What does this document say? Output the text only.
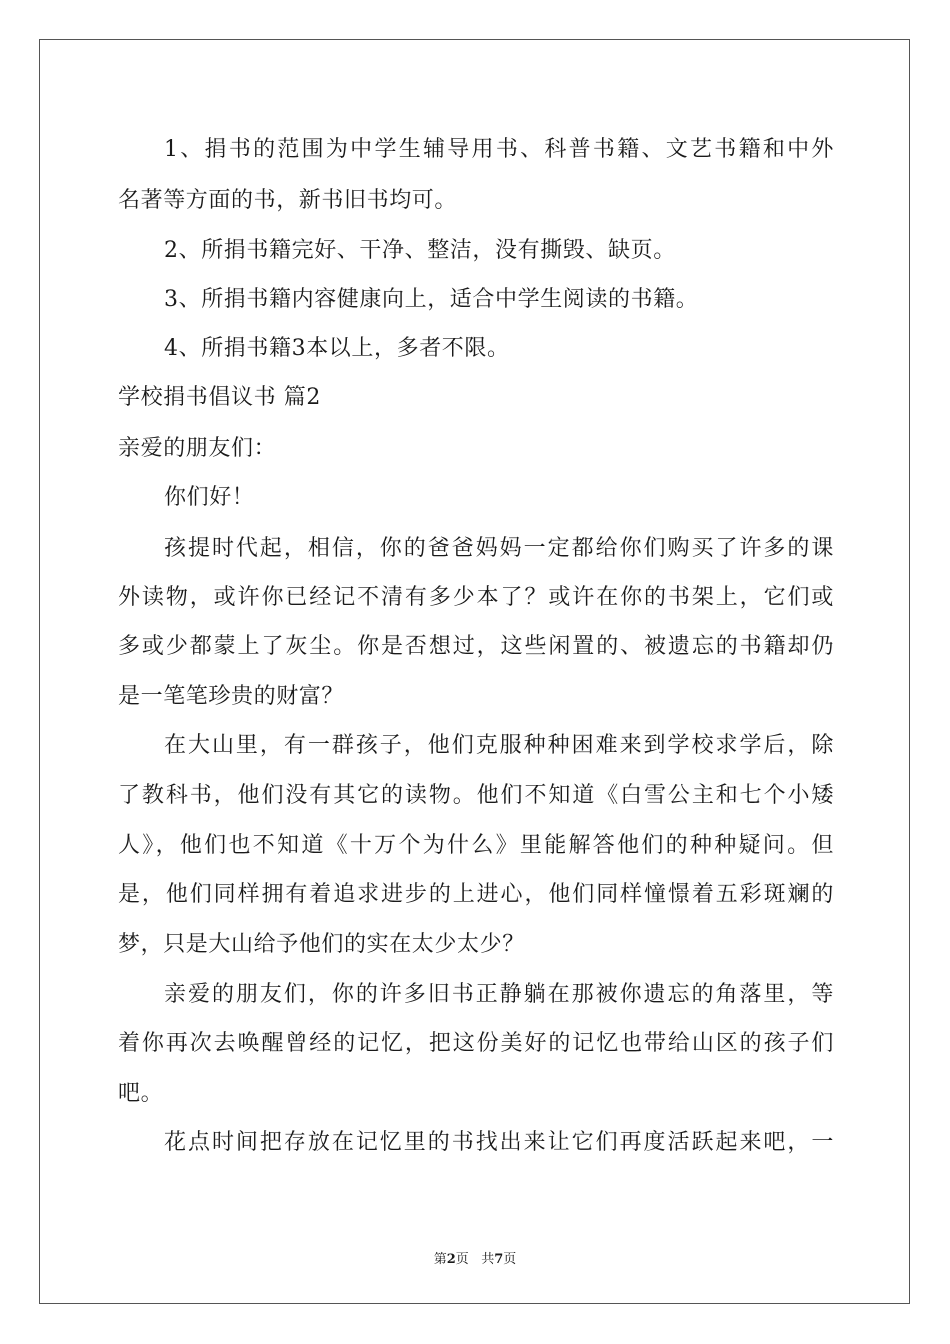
1、捐书的范围为中学生辅导用书、科普书籍、文艺书籍和中外
名著等方面的书，新书旧书均可。
2、所捐书籍完好、干净、整洁，没有撕毁、缺页。
3、所捐书籍内容健康向上，适合中学生阅读的书籍。
4、所捐书籍3本以上，多者不限。
学校捐书倡议书 篇2
亲爱的朋友们：
你们好！
孩提时代起，相信，你的爸爸妈妈一定都给你们购买了许多的课
外读物，或许你已经记不清有多少本了？或许在你的书架上，它们或
多或少都蒙上了灰尘。你是否想过，这些闲置的、被遗忘的书籍却仍
是一笔笔珍贵的财富？
在大山里，有一群孩子，他们克服种种困难来到学校求学后，除
了教科书，他们没有其它的读物。他们不知道《白雪公主和七个小矮
人》，他们也不知道《十万个为什么》里能解答他们的种种疑问。但
是，他们同样拥有着追求进步的上进心，他们同样憧憬着五彩斑斓的
梦，只是大山给予他们的实在太少太少？
亲爱的朋友们，你的许多旧书正静躺在那被你遗忘的角落里，等
着你再次去唤醒曾经的记忆，把这份美好的记忆也带给山区的孩子们
吧。
花点时间把存放在记忆里的书找出来让它们再度活跃起来吧，一
第2页 共7页
